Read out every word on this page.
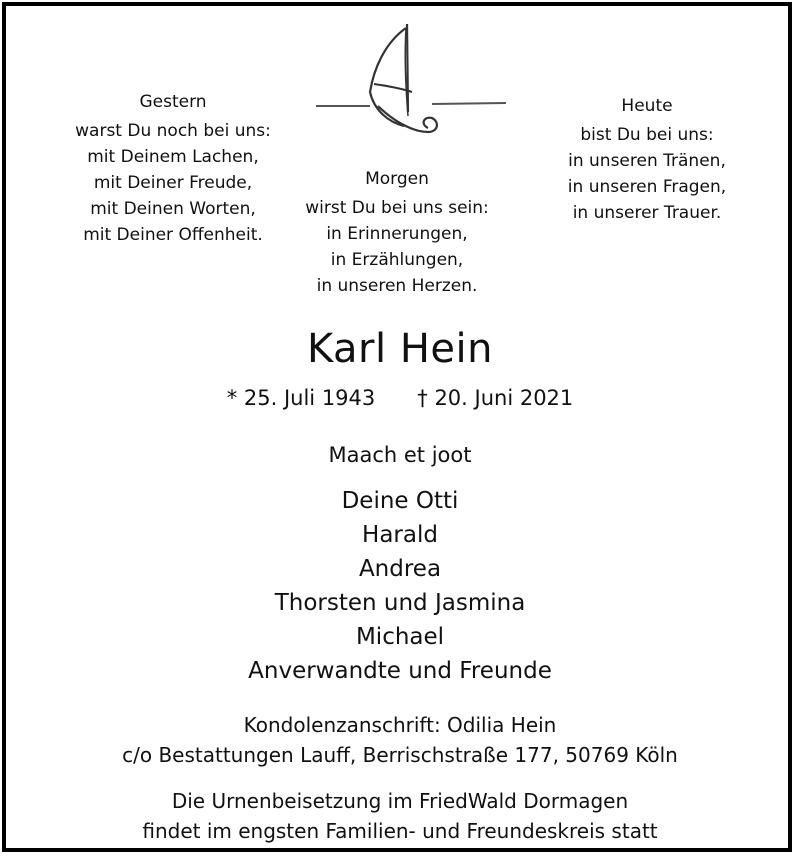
Gestern
warst Du noch bei uns:
mit Deinem Lachen,
mit Deiner Freude,
mit Deinen Worten,
mit Deiner Offenheit.
Morgen
wirst Du bei uns sein:
in Erinnerungen,
in Erzählungen,
in unseren Herzen.
Heute
bist Du bei uns:
in unseren Tränen,
in unseren Fragen,
in unserer Trauer.
Karl Hein
* 25. Juli 1943 † 20. Juni 2021
Maach et joot
Deine Otti
Harald
Andrea
Thorsten und Jasmina
Michael
Anverwandte und Freunde
Kondolenzanschrift: Odilia Hein
c/o Bestattungen Lauff, Berrischstraße 177, 50769 Köln
Die Urnenbeisetzung im FriedWald Dormagen
findet im engsten Familien- und Freundeskreis statt
